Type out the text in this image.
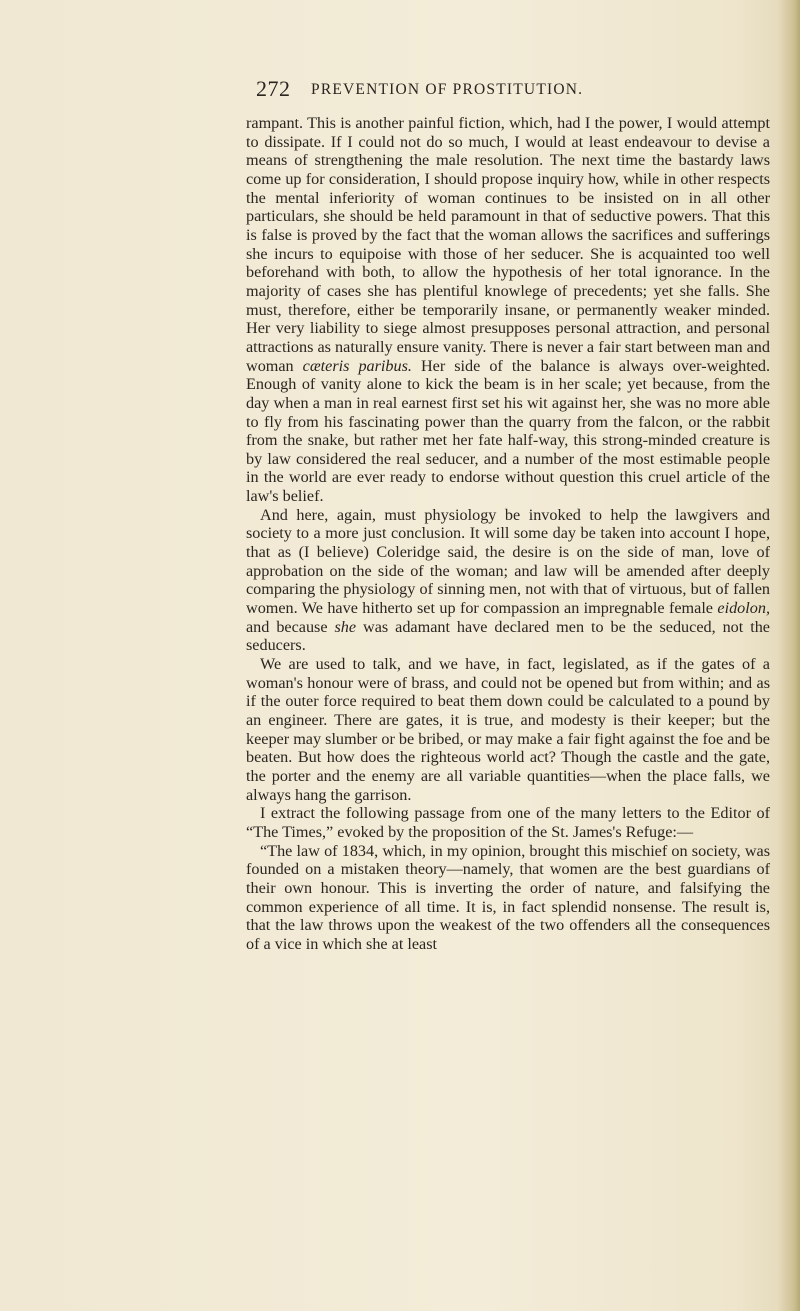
272 PREVENTION OF PROSTITUTION.

rampant. This is another painful fiction, which, had I the power, I would attempt to dissipate. If I could not do so much, I would at least endeavour to devise a means of strengthening the male resolution. The next time the bastardy laws come up for consideration, I should propose inquiry how, while in other respects the mental inferiority of woman continues to be insisted on in all other particulars, she should be held paramount in that of seductive powers. That this is false is proved by the fact that the woman allows the sacrifices and sufferings she incurs to equipoise with those of her seducer. She is acquainted too well beforehand with both, to allow the hypothesis of her total ignorance. In the majority of cases she has plentiful knowlege of precedents; yet she falls. She must, therefore, either be temporarily insane, or permanently weaker minded. Her very liability to siege almost presupposes personal attraction, and personal attractions as naturally ensure vanity. There is never a fair start between man and woman cæteris paribus. Her side of the balance is always over-weighted. Enough of vanity alone to kick the beam is in her scale; yet because, from the day when a man in real earnest first set his wit against her, she was no more able to fly from his fascinating power than the quarry from the falcon, or the rabbit from the snake, but rather met her fate half-way, this strong-minded creature is by law considered the real seducer, and a number of the most estimable people in the world are ever ready to endorse without question this cruel article of the law's belief.

And here, again, must physiology be invoked to help the lawgivers and society to a more just conclusion. It will some day be taken into account I hope, that as (I believe) Coleridge said, the desire is on the side of man, love of approbation on the side of the woman; and law will be amended after deeply comparing the physiology of sinning men, not with that of virtuous, but of fallen women. We have hitherto set up for compassion an impregnable female eidolon, and because she was adamant have declared men to be the seduced, not the seducers.

We are used to talk, and we have, in fact, legislated, as if the gates of a woman's honour were of brass, and could not be opened but from within; and as if the outer force required to beat them down could be calculated to a pound by an engineer. There are gates, it is true, and modesty is their keeper; but the keeper may slumber or be bribed, or may make a fair fight against the foe and be beaten. But how does the righteous world act? Though the castle and the gate, the porter and the enemy are all variable quantities—when the place falls, we always hang the garrison.

I extract the following passage from one of the many letters to the Editor of “The Times,” evoked by the proposition of the St. James's Refuge:—

“The law of 1834, which, in my opinion, brought this mischief on society, was founded on a mistaken theory—namely, that women are the best guardians of their own honour. This is inverting the order of nature, and falsifying the common experience of all time. It is, in fact splendid nonsense. The result is, that the law throws upon the weakest of the two offenders all the consequences of a vice in which she at least
